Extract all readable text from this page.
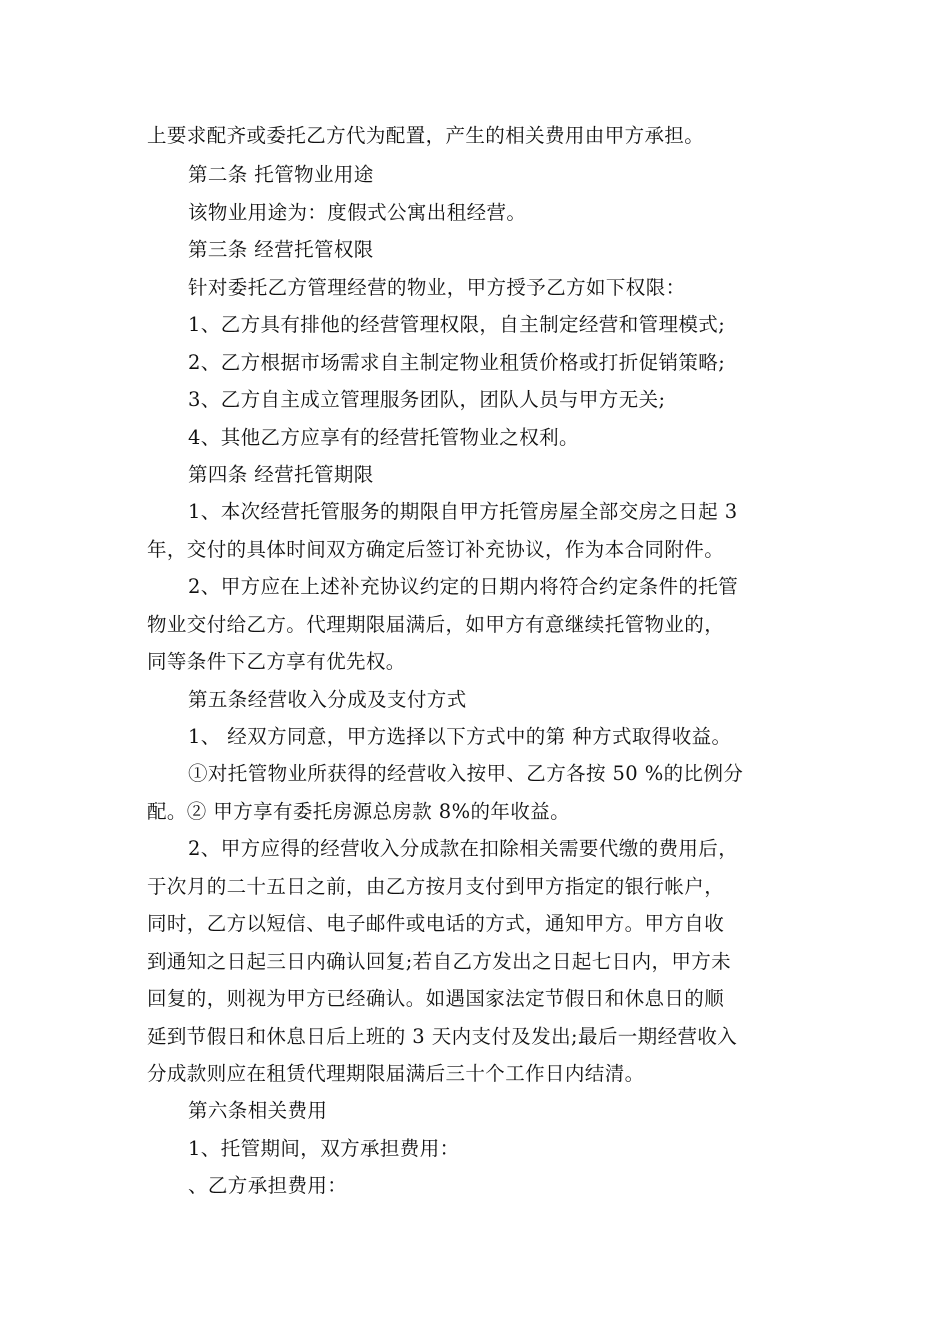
上要求配齐或委托乙方代为配置，产生的相关费用由甲方承担。
第二条 托管物业用途
该物业用途为：度假式公寓出租经营。
第三条 经营托管权限
针对委托乙方管理经营的物业，甲方授予乙方如下权限：
1、乙方具有排他的经营管理权限，自主制定经营和管理模式;
2、乙方根据市场需求自主制定物业租赁价格或打折促销策略;
3、乙方自主成立管理服务团队，团队人员与甲方无关;
4、其他乙方应享有的经营托管物业之权利。
第四条 经营托管期限
1、本次经营托管服务的期限自甲方托管房屋全部交房之日起 3
年，交付的具体时间双方确定后签订补充协议，作为本合同附件。
2、甲方应在上述补充协议约定的日期内将符合约定条件的托管
物业交付给乙方。代理期限届满后，如甲方有意继续托管物业的，
同等条件下乙方享有优先权。
第五条经营收入分成及支付方式
1、 经双方同意，甲方选择以下方式中的第 种方式取得收益。
①对托管物业所获得的经营收入按甲、乙方各按 50 %的比例分
配。② 甲方享有委托房源总房款 8%的年收益。
2、甲方应得的经营收入分成款在扣除相关需要代缴的费用后，
于次月的二十五日之前，由乙方按月支付到甲方指定的银行帐户，
同时，乙方以短信、电子邮件或电话的方式，通知甲方。甲方自收
到通知之日起三日内确认回复;若自乙方发出之日起七日内，甲方未
回复的，则视为甲方已经确认。如遇国家法定节假日和休息日的顺
延到节假日和休息日后上班的 3 天内支付及发出;最后一期经营收入
分成款则应在租赁代理期限届满后三十个工作日内结清。
第六条相关费用
1、托管期间，双方承担费用：
、乙方承担费用：
